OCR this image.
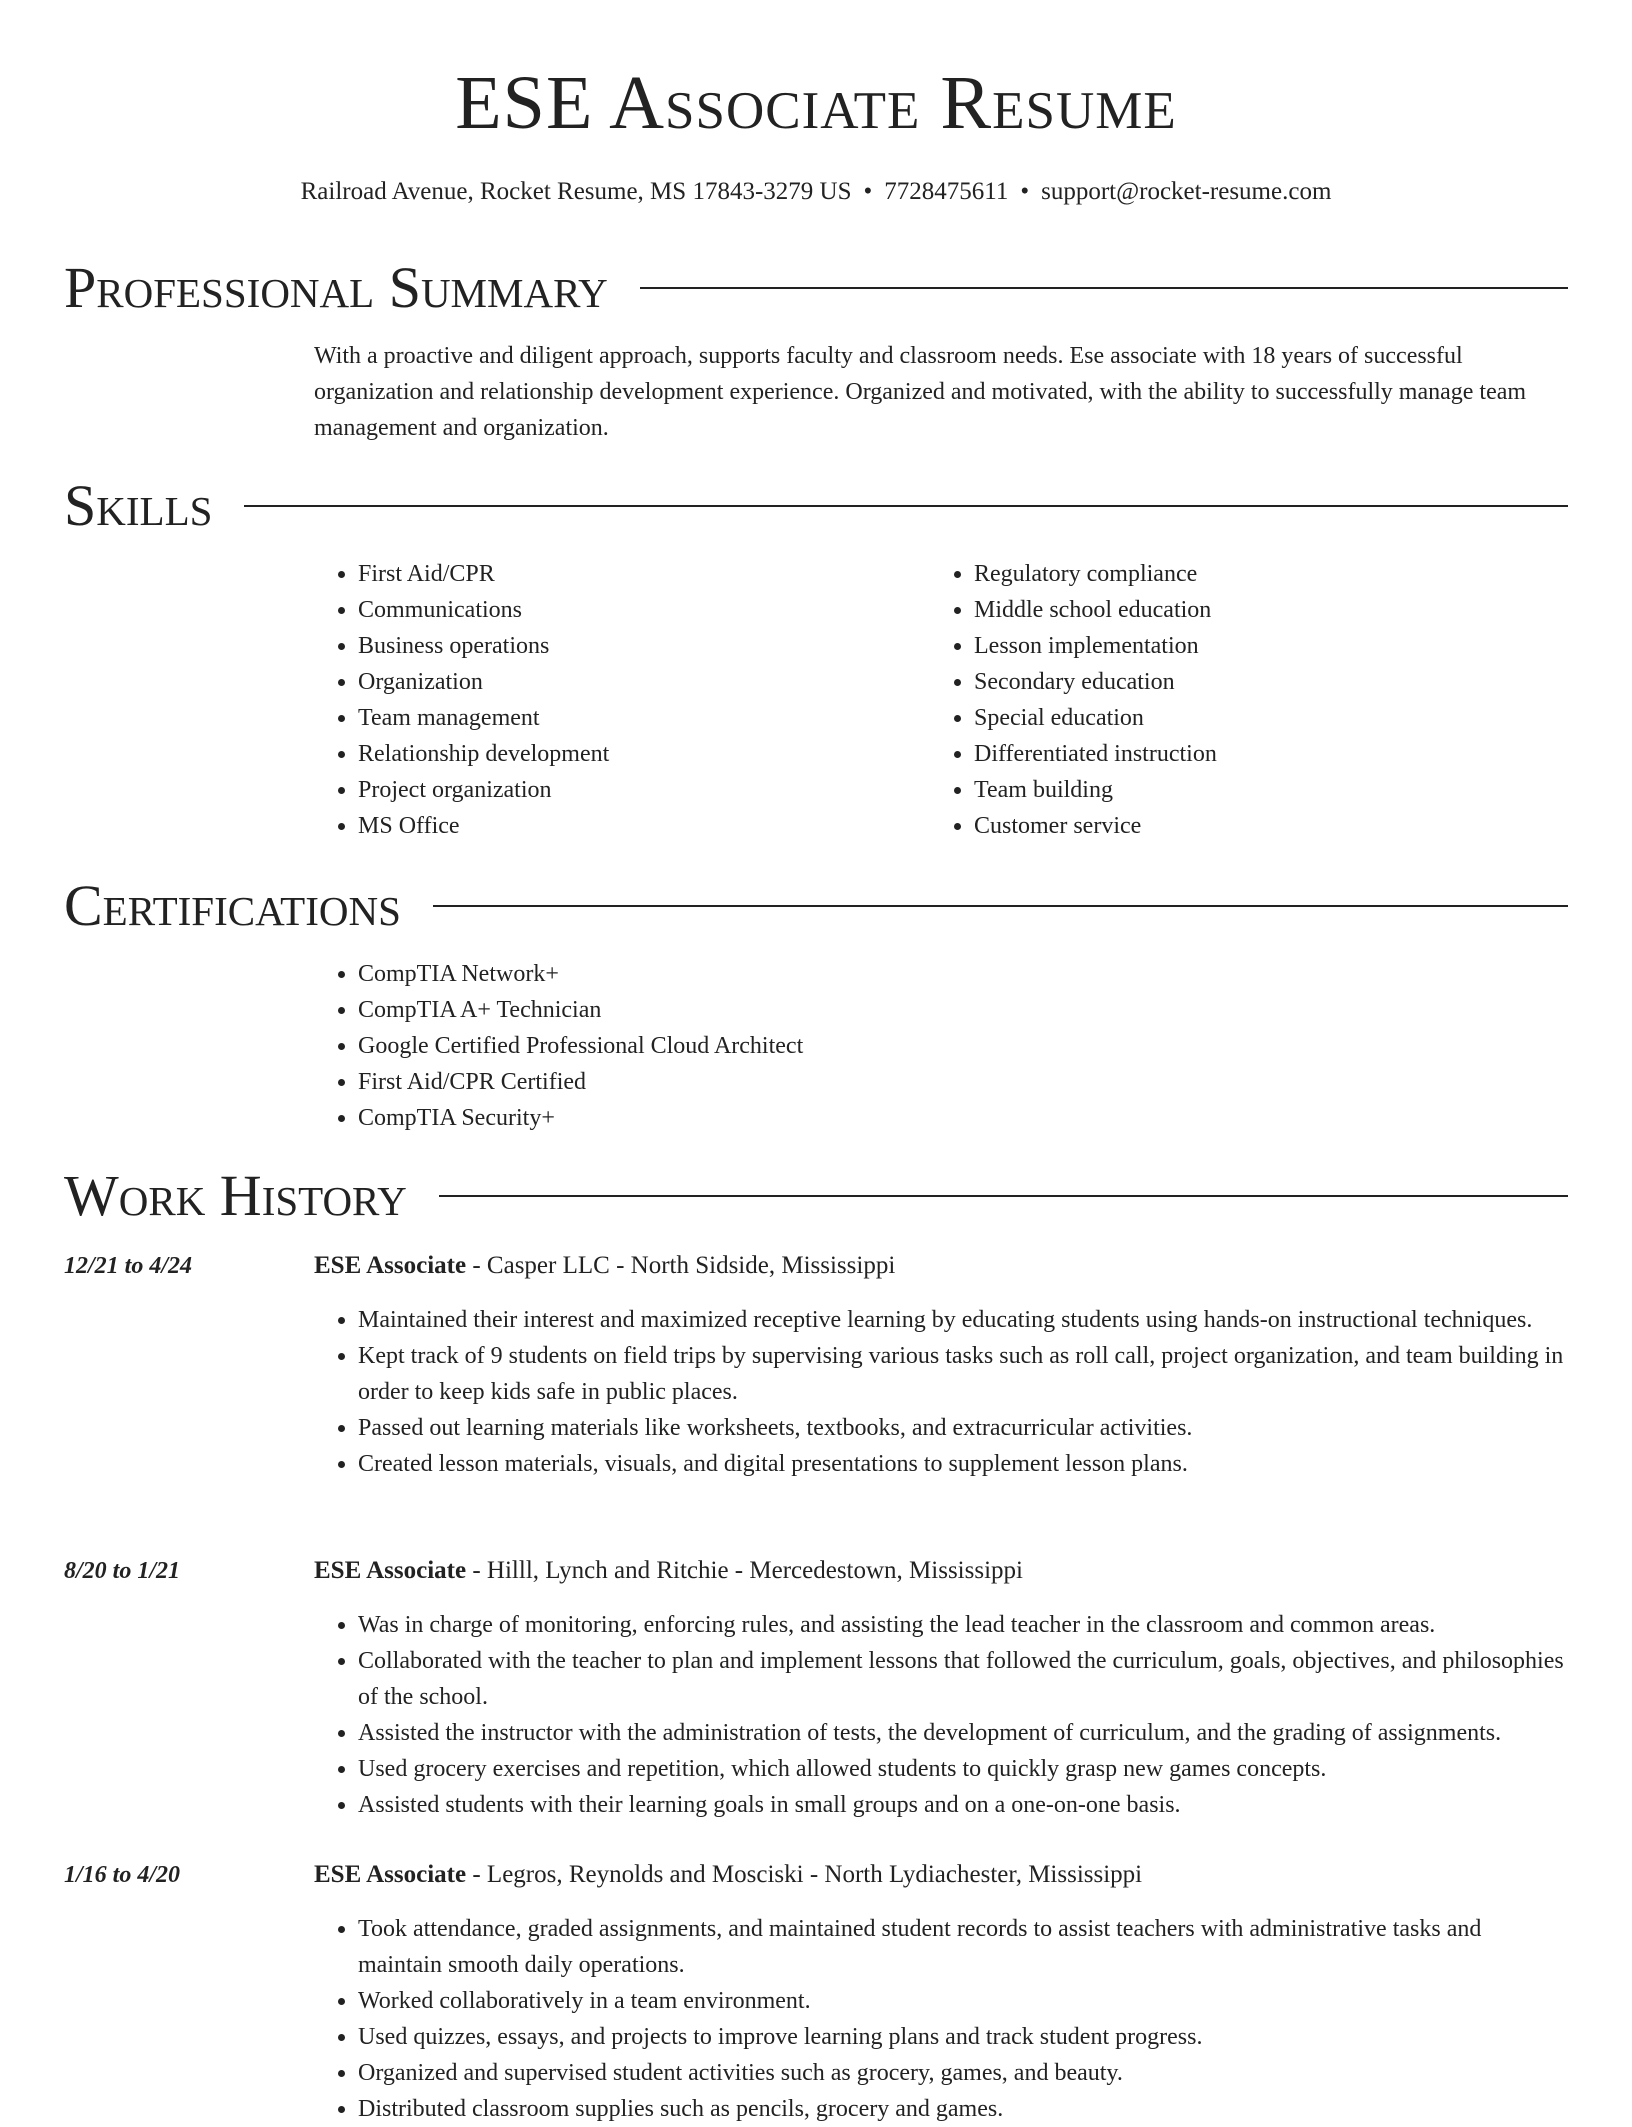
ESE Associate Resume
Railroad Avenue, Rocket Resume, MS 17843-3279 US • 7728475611 • support@rocket-resume.com
Professional Summary

With a proactive and diligent approach, supports faculty and classroom needs. Ese associate with 18 years of successful organization and relationship development experience. Organized and motivated, with the ability to successfully manage team management and organization.

Skills
• First Aid/CPR
• Communications
• Business operations
• Organization
• Team management
• Relationship development
• Project organization
• MS Office
• Regulatory compliance
• Middle school education
• Lesson implementation
• Secondary education
• Special education
• Differentiated instruction
• Team building
• Customer service
Certifications
• CompTIA Network+
• CompTIA A+ Technician
• Google Certified Professional Cloud Architect
• First Aid/CPR Certified
• CompTIA Security+
Work History
12/21 to 4/24	ESE Associate - Casper LLC - North Sidside, Mississippi
• Maintained their interest and maximized receptive learning by educating students using hands-on instructional techniques.
• Kept track of 9 students on field trips by supervising various tasks such as roll call, project organization, and team building in order to keep kids safe in public places.
• Passed out learning materials like worksheets, textbooks, and extracurricular activities.
• Created lesson materials, visuals, and digital presentations to supplement lesson plans.
8/20 to 1/21	ESE Associate - Hilll, Lynch and Ritchie - Mercedestown, Mississippi
• Was in charge of monitoring, enforcing rules, and assisting the lead teacher in the classroom and common areas.
• Collaborated with the teacher to plan and implement lessons that followed the curriculum, goals, objectives, and philosophies of the school.
• Assisted the instructor with the administration of tests, the development of curriculum, and the grading of assignments.
• Used grocery exercises and repetition, which allowed students to quickly grasp new games concepts.
• Assisted students with their learning goals in small groups and on a one-on-one basis.
1/16 to 4/20	ESE Associate - Legros, Reynolds and Mosciski - North Lydiachester, Mississippi
• Took attendance, graded assignments, and maintained student records to assist teachers with administrative tasks and maintain smooth daily operations.
• Worked collaboratively in a team environment.
• Used quizzes, essays, and projects to improve learning plans and track student progress.
• Organized and supervised student activities such as grocery, games, and beauty.
• Distributed classroom supplies such as pencils, grocery and games.
